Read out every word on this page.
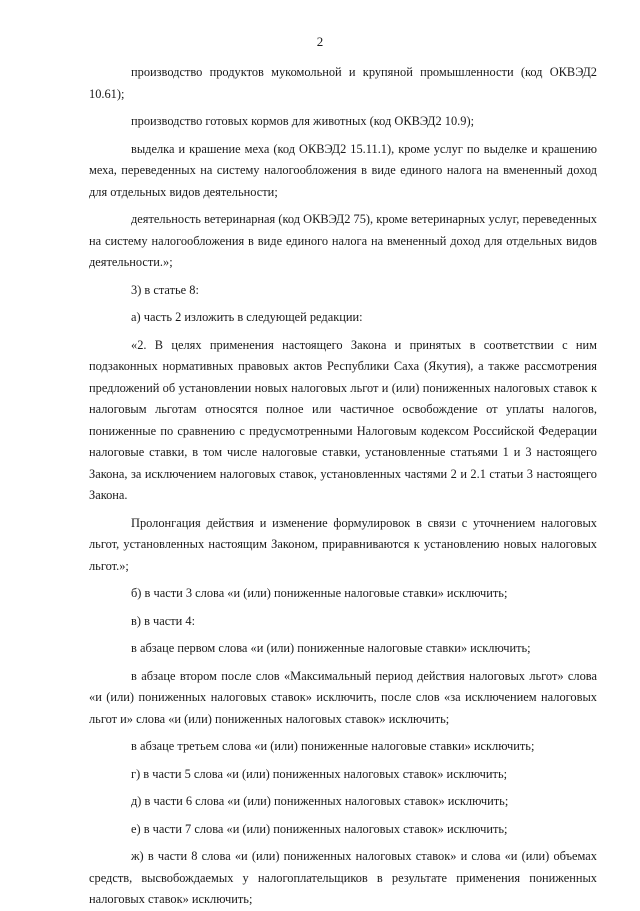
2

производство продуктов мукомольной и крупяной промышленности (код ОКВЭД2 10.61);

производство готовых кормов для животных (код ОКВЭД2 10.9);

выделка и крашение меха (код ОКВЭД2 15.11.1), кроме услуг по выделке и крашению меха, переведенных на систему налогообложения в виде единого налога на вмененный доход для отдельных видов деятельности;

деятельность ветеринарная (код ОКВЭД2 75), кроме ветеринарных услуг, переведенных на систему налогообложения в виде единого налога на вмененный доход для отдельных видов деятельности.»;

3) в статье 8:

а) часть 2 изложить в следующей редакции:

«2. В целях применения настоящего Закона и принятых в соответствии с ним подзаконных нормативных правовых актов Республики Саха (Якутия), а также рассмотрения предложений об установлении новых налоговых льгот и (или) пониженных налоговых ставок к налоговым льготам относятся полное или частичное освобождение от уплаты налогов, пониженные по сравнению с предусмотренными Налоговым кодексом Российской Федерации налоговые ставки, в том числе налоговые ставки, установленные статьями 1 и 3 настоящего Закона, за исключением налоговых ставок, установленных частями 2 и 2.1 статьи 3 настоящего Закона.

Пролонгация действия и изменение формулировок в связи с уточнением налоговых льгот, установленных настоящим Законом, приравниваются к установлению новых налоговых льгот.»;

б) в части 3 слова «и (или) пониженные налоговые ставки» исключить;

в) в части 4:

в абзаце первом слова «и (или) пониженные налоговые ставки» исключить;

в абзаце втором после слов «Максимальный период действия налоговых льгот» слова «и (или) пониженных налоговых ставок» исключить, после слов «за исключением налоговых льгот и» слова «и (или) пониженных налоговых ставок» исключить;

в абзаце третьем слова «и (или) пониженные налоговые ставки» исключить;

г) в части 5 слова «и (или) пониженных налоговых ставок» исключить;

д) в части 6 слова «и (или) пониженных налоговых ставок» исключить;

е) в части 7 слова «и (или) пониженных налоговых ставок» исключить;

ж) в части 8 слова «и (или) пониженных налоговых ставок» и слова «и (или) объемах средств, высвобождаемых у налогоплательщиков в результате применения пониженных налоговых ставок» исключить;
